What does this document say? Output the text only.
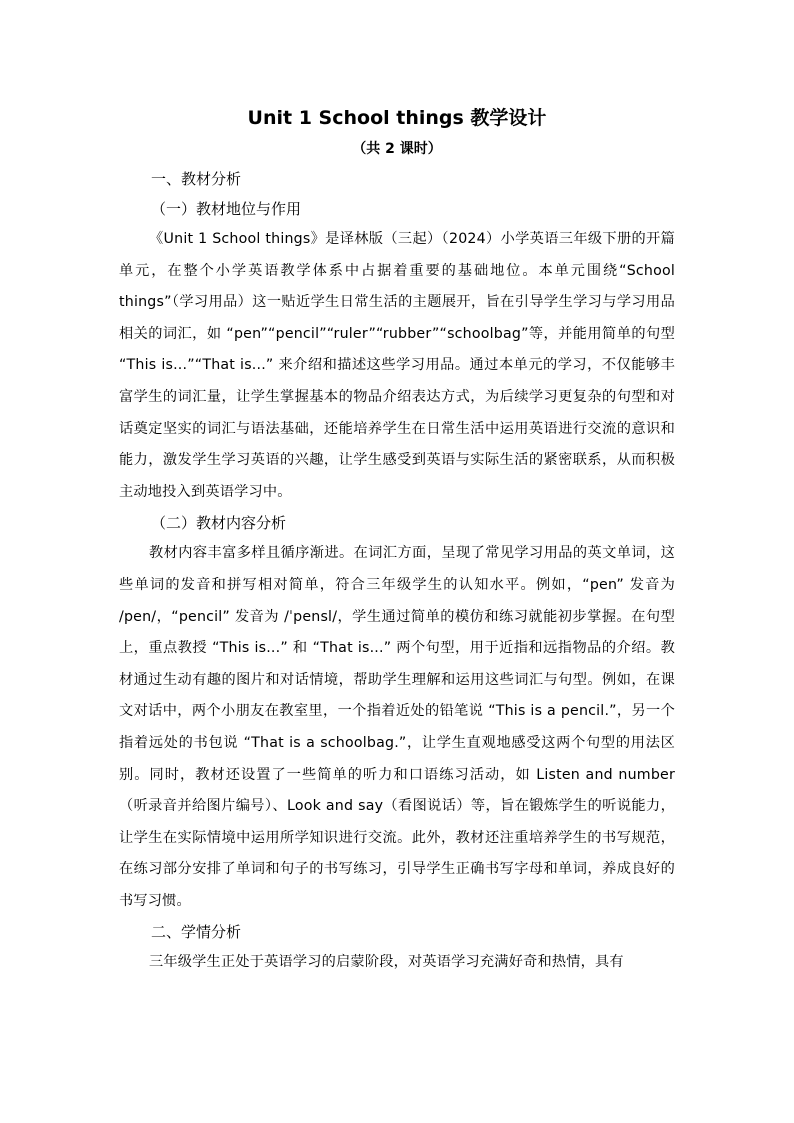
Unit 1 School things 教学设计
（共 2 课时）
一、教材分析
（一）教材地位与作用

《Unit 1 School things》是译林版（三起）（2024）小学英语三年级下册的开篇单元，在整个小学英语教学体系中占据着重要的基础地位。本单元围绕“School things”（学习用品）这一贴近学生日常生活的主题展开，旨在引导学生学习与学习用品相关的词汇，如 “pen”“pencil”“ruler”“rubber”“schoolbag”等，并能用简单的句型 “This is...”“That is...” 来介绍和描述这些学习用品。通过本单元的学习，不仅能够丰富学生的词汇量，让学生掌握基本的物品介绍表达方式，为后续学习更复杂的句型和对话奠定坚实的词汇与语法基础，还能培养学生在日常生活中运用英语进行交流的意识和能力，激发学生学习英语的兴趣，让学生感受到英语与实际生活的紧密联系，从而积极主动地投入到英语学习中。

（二）教材内容分析

教材内容丰富多样且循序渐进。在词汇方面，呈现了常见学习用品的英文单词，这些单词的发音和拼写相对简单，符合三年级学生的认知水平。例如，“pen” 发音为 /pen/，“pencil” 发音为 /ˈpensl/，学生通过简单的模仿和练习就能初步掌握。在句型上，重点教授 “This is...” 和 “That is...” 两个句型，用于近指和远指物品的介绍。教材通过生动有趣的图片和对话情境，帮助学生理解和运用这些词汇与句型。例如，在课文对话中，两个小朋友在教室里，一个指着近处的铅笔说 “This is a pencil.”，另一个指着远处的书包说 “That is a schoolbag.”，让学生直观地感受这两个句型的用法区别。同时，教材还设置了一些简单的听力和口语练习活动，如 Listen and number（听录音并给图片编号）、Look and say（看图说话）等，旨在锻炼学生的听说能力，让学生在实际情境中运用所学知识进行交流。此外，教材还注重培养学生的书写规范，在练习部分安排了单词和句子的书写练习，引导学生正确书写字母和单词，养成良好的书写习惯。

二、学情分析

三年级学生正处于英语学习的启蒙阶段，对英语学习充满好奇和热情，具有
